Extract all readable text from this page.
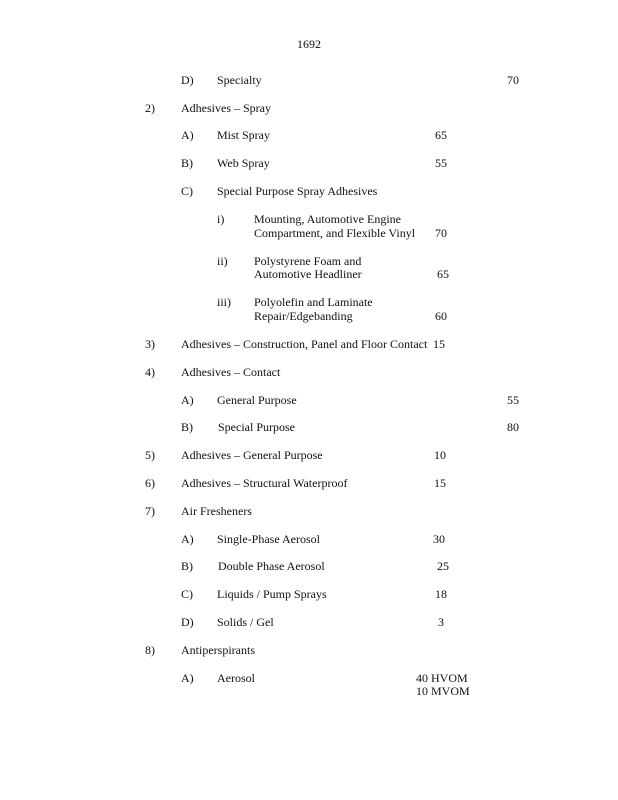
1692
D) Specialty	70
2) Adhesives – Spray
A) Mist Spray	65
B) Web Spray	55
C) Special Purpose Spray Adhesives
i) Mounting, Automotive Engine
Compartment, and Flexible Vinyl 70
ii) Polystyrene Foam and
Automotive Headliner	65
iii) Polyolefin and Laminate
Repair/Edgebanding	60
3) Adhesives – Construction, Panel and Floor Contact 15
4) Adhesives – Contact
A) General Purpose	55
B) Special Purpose	80
5) Adhesives – General Purpose	10
6) Adhesives – Structural Waterproof	15
7) Air Fresheners
A) Single-Phase Aerosol	30
B) Double Phase Aerosol	25
C) Liquids / Pump Sprays	18
D) Solids / Gel	3
8) Antiperspirants
A) Aerosol	40 HVOM
10 MVOM
